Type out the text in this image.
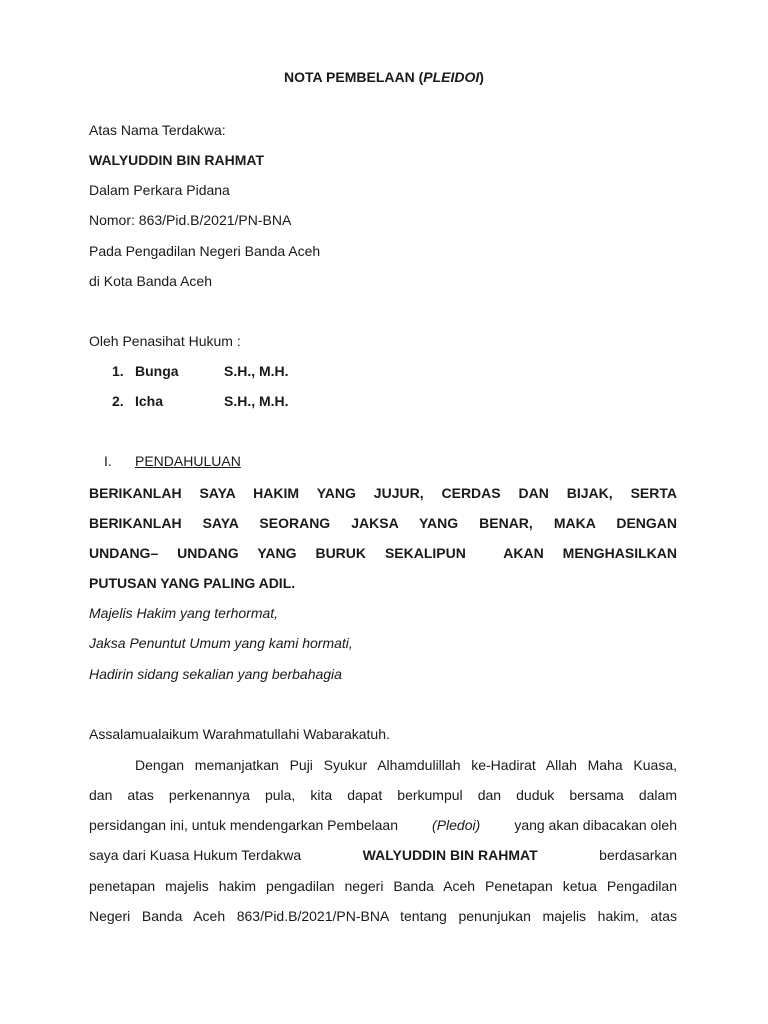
NOTA PEMBELAAN (PLEIDOI)
Atas Nama Terdakwa:
WALYUDDIN BIN RAHMAT
Dalam Perkara Pidana
Nomor: 863/Pid.B/2021/PN-BNA
Pada Pengadilan Negeri Banda Aceh
di Kota Banda Aceh
Oleh Penasihat Hukum :
1. Bunga	S.H., M.H.
2. Icha	S.H., M.H.
I. PENDAHULUAN
BERIKANLAH SAYA HAKIM YANG JUJUR, CERDAS DAN BIJAK, SERTA
BERIKANLAH SAYA SEORANG JAKSA YANG BENAR, MAKA DENGAN
UNDANG– UNDANG YANG BURUK SEKALIPUN  AKAN MENGHASILKAN
PUTUSAN YANG PALING ADIL.
Majelis Hakim yang terhormat,
Jaksa Penuntut Umum yang kami hormati,
Hadirin sidang sekalian yang berbahagia
Assalamualaikum Warahmatullahi Wabarakatuh.
Dengan memanjatkan Puji Syukur Alhamdulillah ke-Hadirat Allah Maha Kuasa,
dan atas perkenannya pula, kita dapat berkumpul dan duduk bersama dalam
persidangan ini, untuk mendengarkan Pembelaan (Pledoi) yang akan dibacakan oleh
saya dari Kuasa Hukum Terdakwa	WALYUDDIN BIN RAHMAT	berdasarkan
penetapan majelis hakim pengadilan negeri Banda Aceh Penetapan ketua Pengadilan
Negeri Banda Aceh 863/Pid.B/2021/PN-BNA tentang penunjukan majelis hakim, atas
